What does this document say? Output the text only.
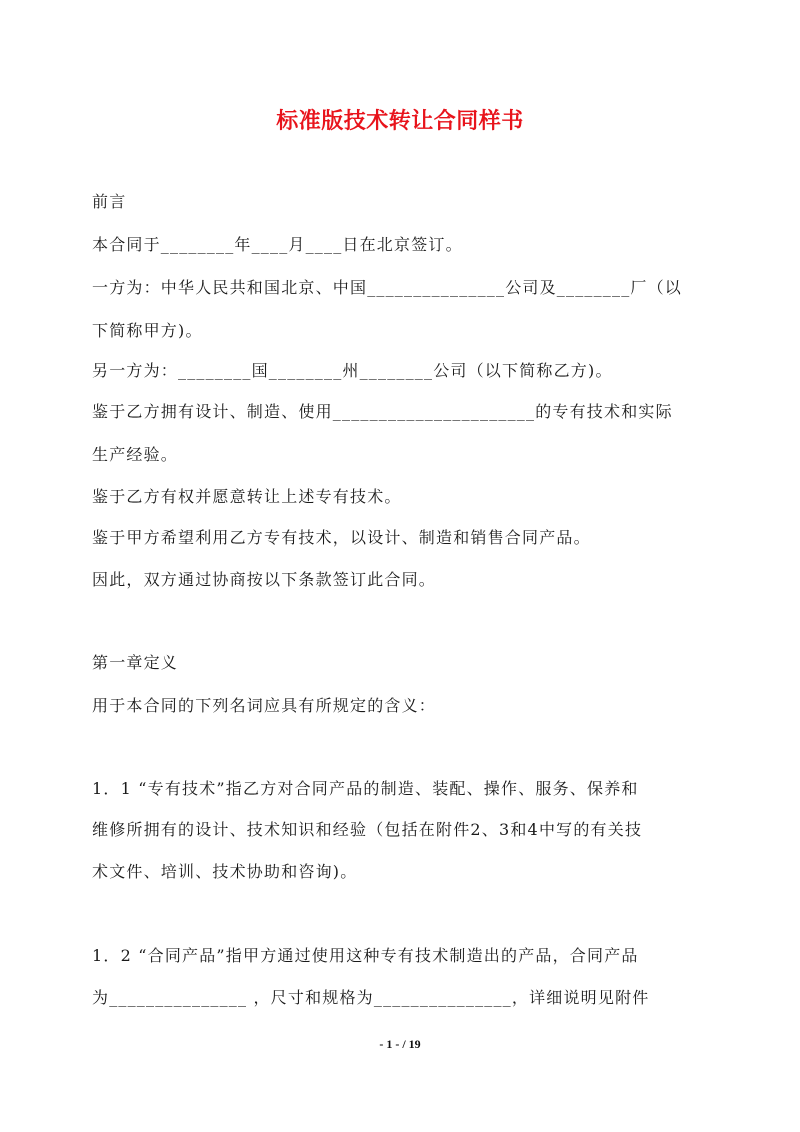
标准版技术转让合同样书
前言
本合同于________年____月____日在北京签订。
一方为：中华人民共和国北京、中国_______________公司及________厂（以
下简称甲方)。
另一方为：________国________州________公司（以下简称乙方)。
鉴于乙方拥有设计、制造、使用______________________的专有技术和实际
生产经验。
鉴于乙方有权并愿意转让上述专有技术。
鉴于甲方希望利用乙方专有技术，以设计、制造和销售合同产品。
因此，双方通过协商按以下条款签订此合同。
第一章定义
用于本合同的下列名词应具有所规定的含义：
1．1 “专有技术”指乙方对合同产品的制造、装配、操作、服务、保养和
维修所拥有的设计、技术知识和经验（包括在附件2、3和4中写的有关技
术文件、培训、技术协助和咨询)。
1．2 “合同产品”指甲方通过使用这种专有技术制造出的产品，合同产品
为_______________ ，尺寸和规格为_______________，详细说明见附件
- 1 - / 19
